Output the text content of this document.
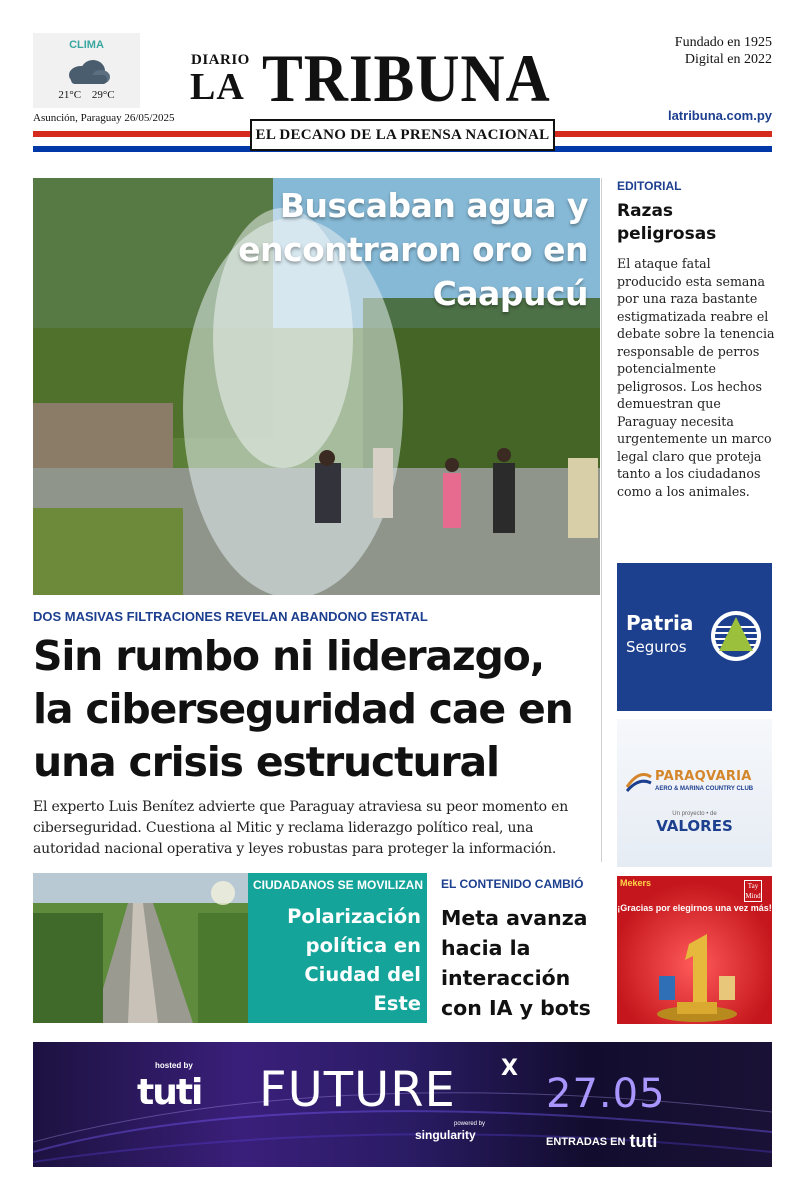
CLIMA
21°C 29°C
Asunción, Paraguay 26/05/2025
DIARIO
LA TRIBUNA	Fundado en 1925
Digital en 2022
latribuna.com.py
EL DECANO DE LA PRENSA NACIONAL
Buscaban agua y encontraron oro en Caapucú
DOS MASIVAS FILTRACIONES REVELAN ABANDONO ESTATAL
Sin rumbo ni liderazgo, la ciberseguridad cae en una crisis estructural
El experto Luis Benítez advierte que Paraguay atraviesa su peor momento en ciberseguridad. Cuestiona al Mitic y reclama liderazgo político real, una autoridad nacional operativa y leyes robustas para proteger la información.
EDITORIAL
Razas peligrosas
El ataque fatal producido esta semana por una raza bastante estigmatizada reabre el debate sobre la tenencia responsable de perros potencialmente peligrosos. Los hechos demuestran que Paraguay necesita urgentemente un marco legal claro que proteja tanto a los ciudadanos como a los animales.
Patria
Seguros
PARAQVARIA
AERO & MARINA COUNTRY CLUB
Un proyecto • de
VALORES
Mekers	Tay Mind
¡Gracias por elegirnos una vez más!
CIUDADANOS SE MOVILIZAN
Polarización política en Ciudad del Este
EL CONTENIDO CAMBIÓ
Meta avanza hacia la interacción con IA y bots
hosted by
tuti FUTURE X
powered by
singularity
27.05
ENTRADAS EN tuti
